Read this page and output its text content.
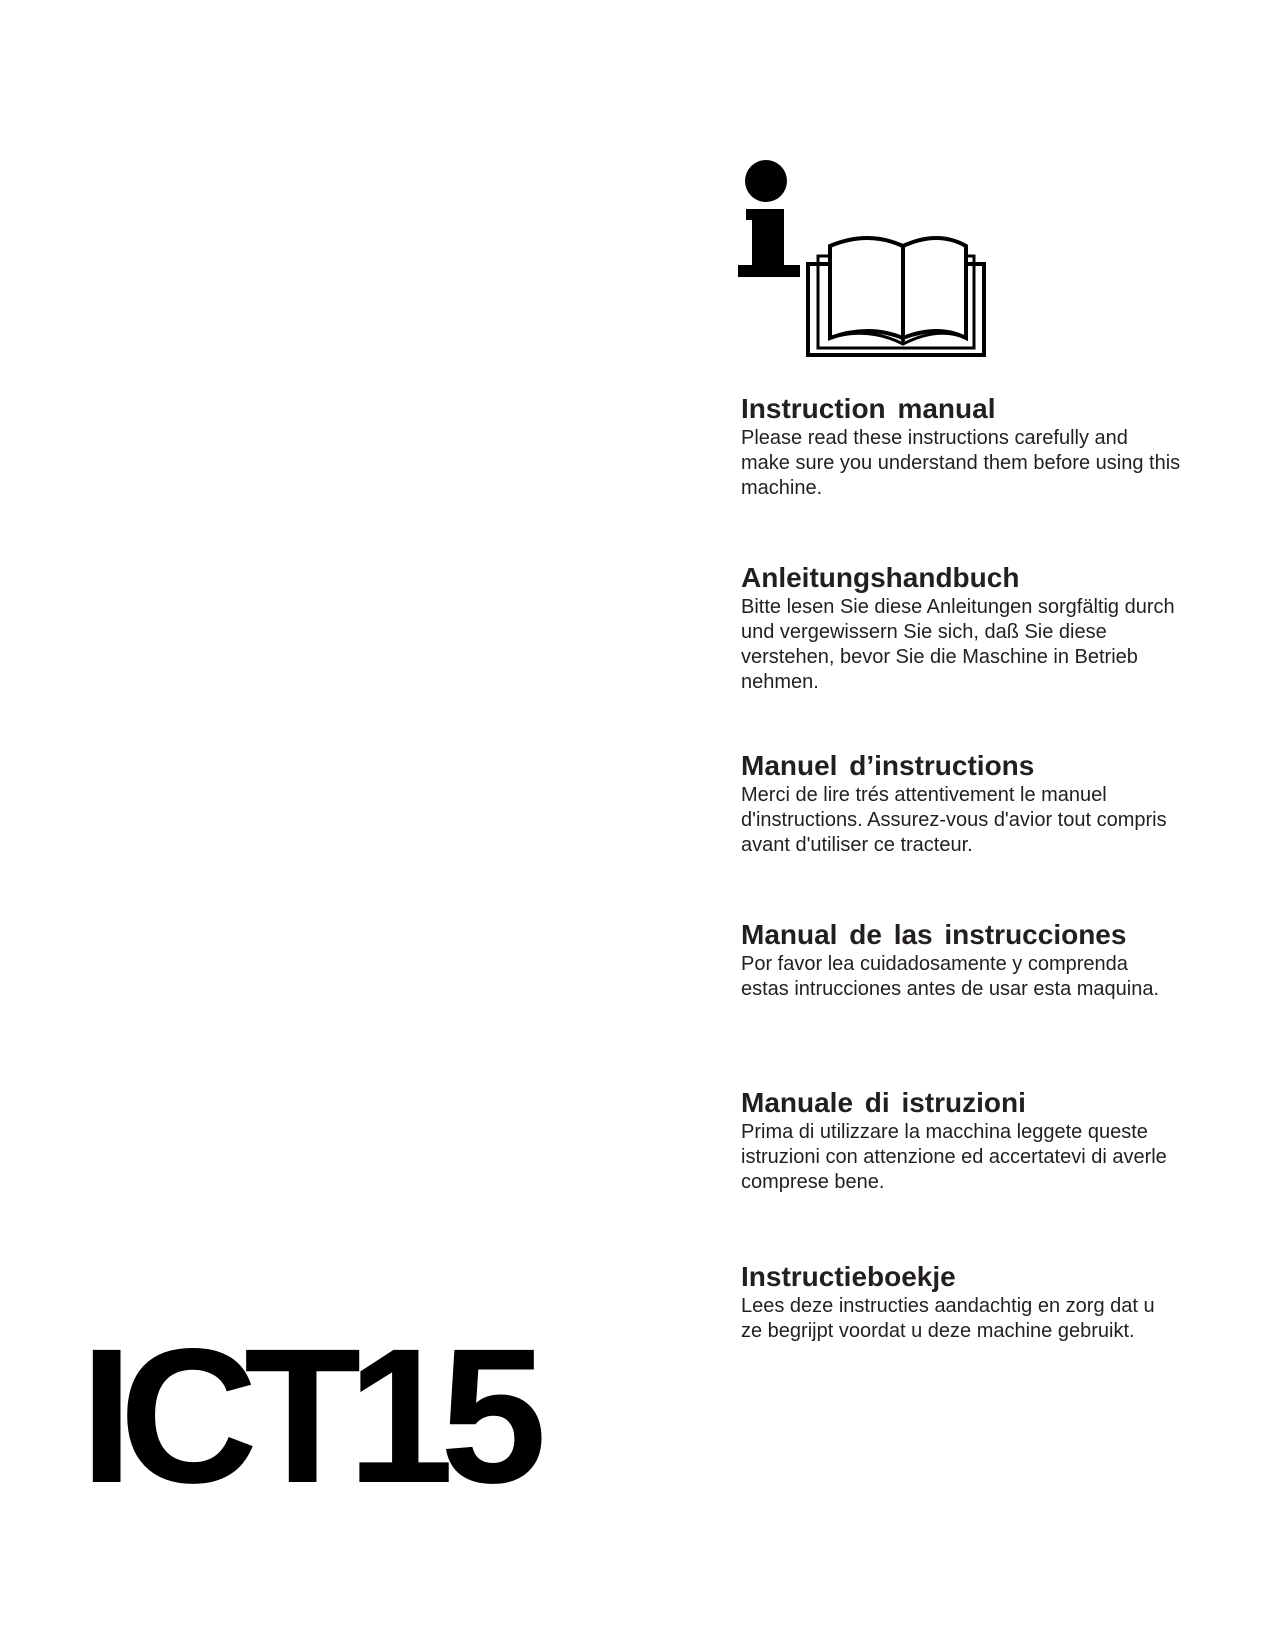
Instruction manual

Please read these instructions carefully and make sure you understand them before using this machine.

Anleitungshandbuch

Bitte lesen Sie diese Anleitungen sorgfältig durch und vergewissern Sie sich, daß Sie diese verstehen, bevor Sie die Maschine in Betrieb nehmen.

Manuel d’instructions

Merci de lire trés attentivement le manuel d'instructions. Assurez-vous d'avior tout compris avant d'utiliser ce tracteur.

Manual de las instrucciones

Por favor lea cuidadosamente y comprenda estas intrucciones antes de usar esta maquina.

Manuale di istruzioni

Prima di utilizzare la macchina leggete queste istruzioni con attenzione ed accertatevi di averle comprese bene.

Instructieboekje

Lees deze instructies aandachtig en zorg dat u ze begrijpt voordat u deze machine gebruikt.

ICT15
